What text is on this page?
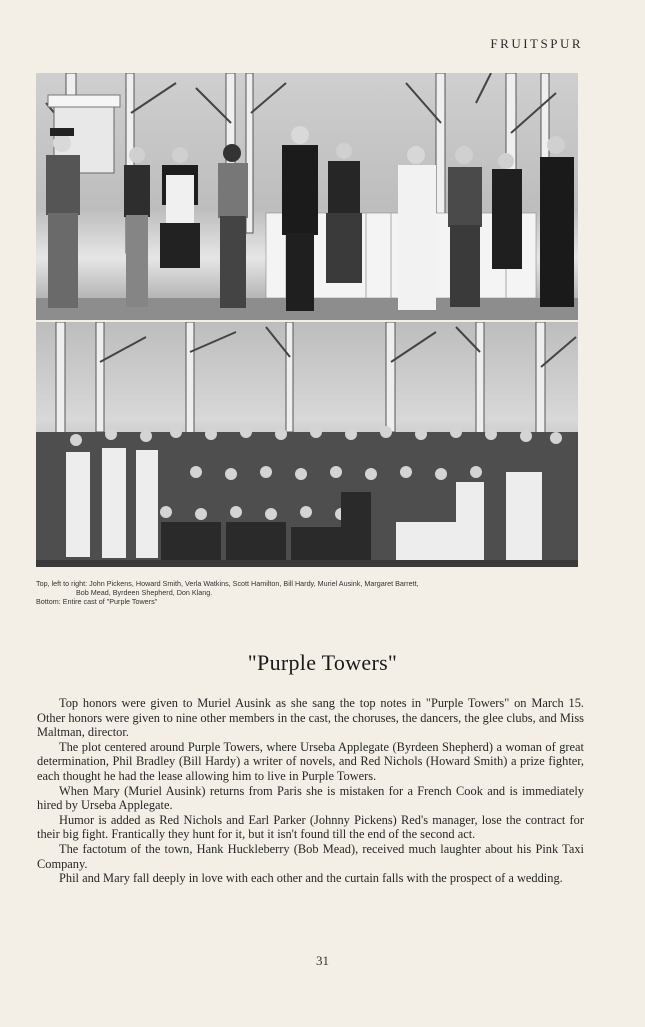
FRUITSPUR
Top, left to right: John Pickens, Howard Smith, Verla Watkins, Scott Hamilton, Bill Hardy, Muriel Ausink, Margaret Barrett,
Bob Mead, Byrdeen Shepherd, Don Klang.
Bottom: Entire cast of "Purple Towers"
"Purple Towers"

Top honors were given to Muriel Ausink as she sang the top notes in "Purple Towers" on March 15. Other honors were given to nine other members in the cast, the choruses, the dancers, the glee clubs, and Miss Maltman, director.

The plot centered around Purple Towers, where Urseba Applegate (Byrdeen Shepherd) a woman of great determination, Phil Bradley (Bill Hardy) a writer of novels, and Red Nichols (Howard Smith) a prize fighter, each thought he had the lease allowing him to live in Purple Towers.

When Mary (Muriel Ausink) returns from Paris she is mistaken for a French Cook and is immediately hired by Urseba Applegate.

Humor is added as Red Nichols and Earl Parker (Johnny Pickens) Red's manager, lose the contract for their big fight. Frantically they hunt for it, but it isn't found till the end of the second act.

The factotum of the town, Hank Huckleberry (Bob Mead), received much laughter about his Pink Taxi Company.

Phil and Mary fall deeply in love with each other and the curtain falls with the prospect of a wedding.

31
